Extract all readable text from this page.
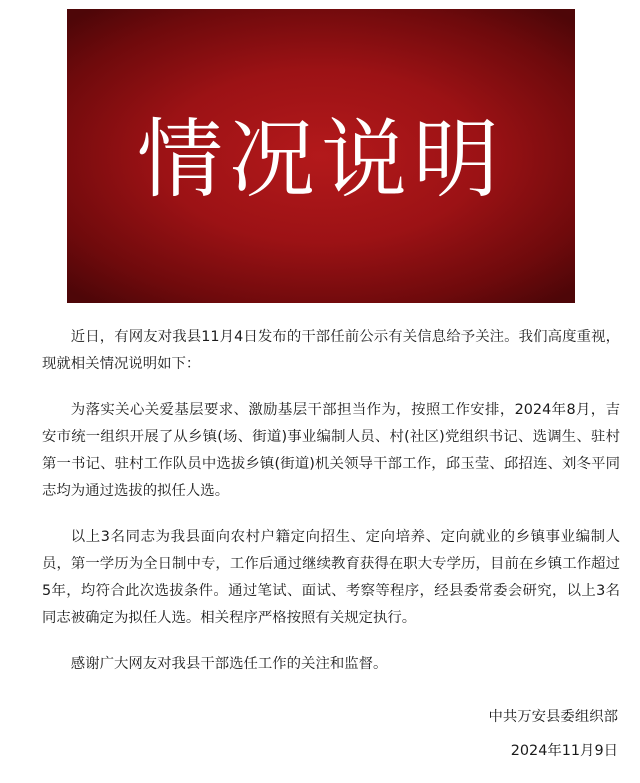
情况说明

近日，有网友对我县11月4日发布的干部任前公示有关信息给予关注。我们高度重视，现就相关情况说明如下：

为落实关心关爱基层要求、激励基层干部担当作为，按照工作安排，2024年8月，吉安市统一组织开展了从乡镇(场、街道)事业编制人员、村(社区)党组织书记、选调生、驻村第一书记、驻村工作队员中选拔乡镇(街道)机关领导干部工作，邱玉莹、邱招连、刘冬平同志均为通过选拔的拟任人选。

以上3名同志为我县面向农村户籍定向招生、定向培养、定向就业的乡镇事业编制人员，第一学历为全日制中专，工作后通过继续教育获得在职大专学历，目前在乡镇工作超过5年，均符合此次选拔条件。通过笔试、面试、考察等程序，经县委常委会研究，以上3名同志被确定为拟任人选。相关程序严格按照有关规定执行。

感谢广大网友对我县干部选任工作的关注和监督。

中共万安县委组织部
2024年11月9日
